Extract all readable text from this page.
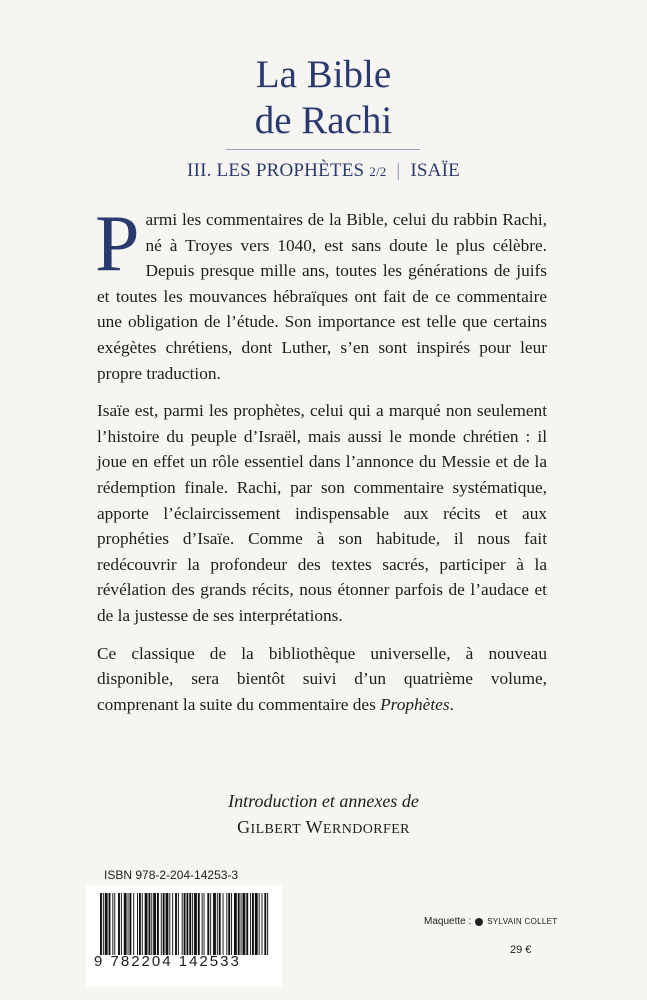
La Bible
de Rachi
III. LES PROPHÈTES 2/2 | ISAÏE

Parmi les commentaires de la Bible, celui du rabbin Rachi, né à Troyes vers 1040, est sans doute le plus célèbre. Depuis presque mille ans, toutes les générations de juifs et toutes les mouvances hébraïques ont fait de ce commentaire une obligation de l’étude. Son importance est telle que certains exégètes chrétiens, dont Luther, s’en sont inspirés pour leur propre traduction.

Isaïe est, parmi les prophètes, celui qui a marqué non seulement l’histoire du peuple d’Israël, mais aussi le monde chrétien : il joue en effet un rôle essentiel dans l’annonce du Messie et de la rédemption finale. Rachi, par son commentaire systématique, apporte l’éclaircissement indispensable aux récits et aux prophéties d’Isaïe. Comme à son habitude, il nous fait redécouvrir la profondeur des textes sacrés, participer à la révélation des grands récits, nous étonner parfois de l’audace et de la justesse de ses interprétations.

Ce classique de la bibliothèque universelle, à nouveau disponible, sera bientôt suivi d’un quatrième volume, comprenant la suite du commentaire des Prophètes.

Introduction et annexes de
GILBERT WERNDORFER
ISBN 978-2-204-14253-3
9 782204 142533
Maquette : SYLVAIN COLLET
29 €
